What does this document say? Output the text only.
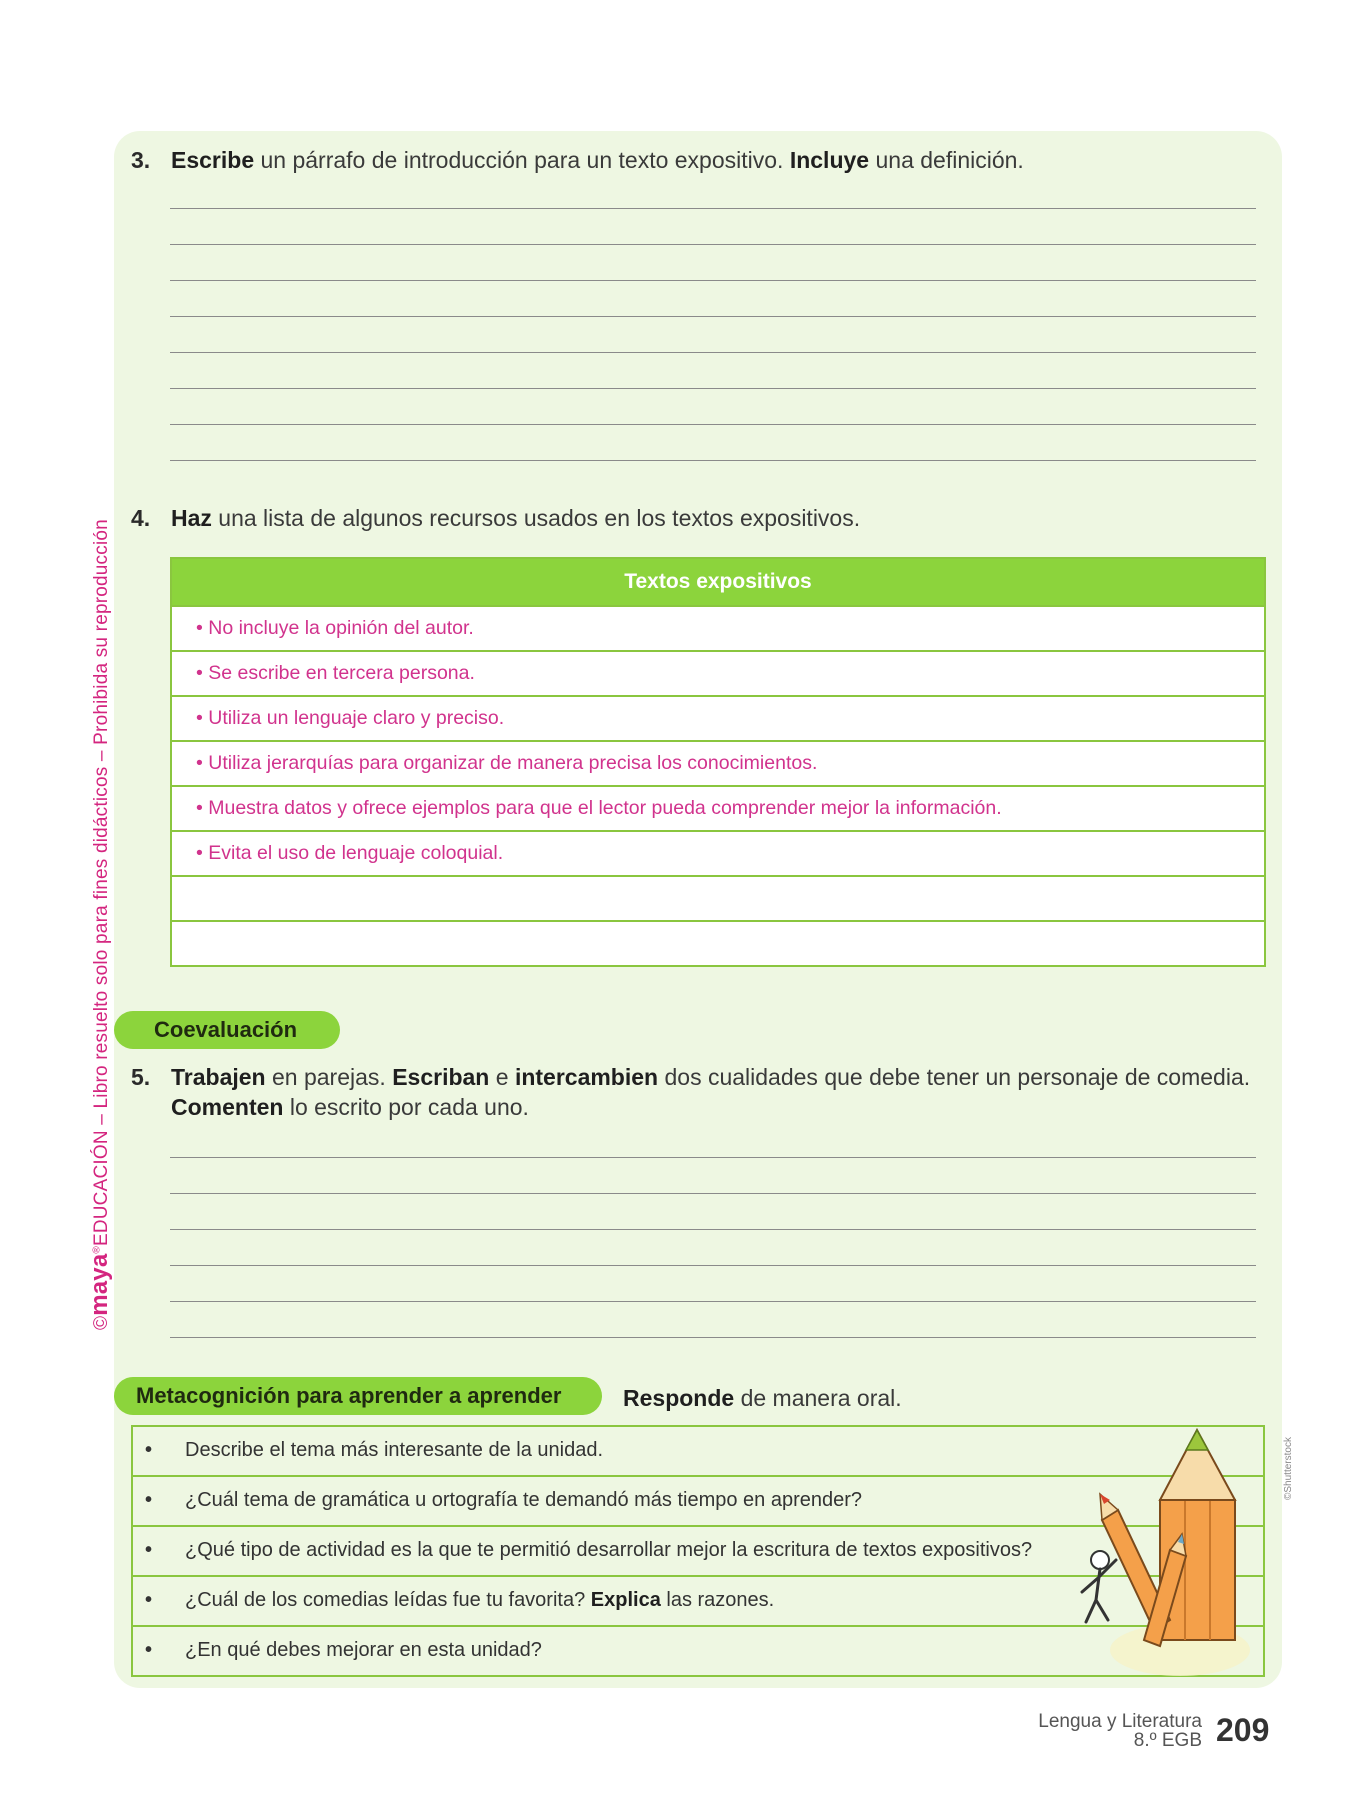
©maya®EDUCACIÓN – Libro resuelto solo para fines didácticos – Prohibida su reproducción
3. Escribe un párrafo de introducción para un texto expositivo. Incluye una definición.
4. Haz una lista de algunos recursos usados en los textos expositivos.
Textos expositivos
• No incluye la opinión del autor.
• Se escribe en tercera persona.
• Utiliza un lenguaje claro y preciso.
• Utiliza jerarquías para organizar de manera precisa los conocimientos.
• Muestra datos y ofrece ejemplos para que el lector pueda comprender mejor la información.
• Evita el uso de lenguaje coloquial.

Coevaluación
5. Trabajen en parejas. Escriban e intercambien dos cualidades que debe tener un personaje de comedia.
Comenten lo escrito por cada uno.
Metacognición para aprender a aprender	Responde de manera oral.
• Describe el tema más interesante de la unidad.
• ¿Cuál tema de gramática u ortografía te demandó más tiempo en aprender?
• ¿Qué tipo de actividad es la que te permitió desarrollar mejor la escritura de textos expositivos?
• ¿Cuál de los comedias leídas fue tu favorita? Explica las razones.
• ¿En qué debes mejorar en esta unidad?
©Shutterstock
Lengua y Literatura
8.º EGB 209
